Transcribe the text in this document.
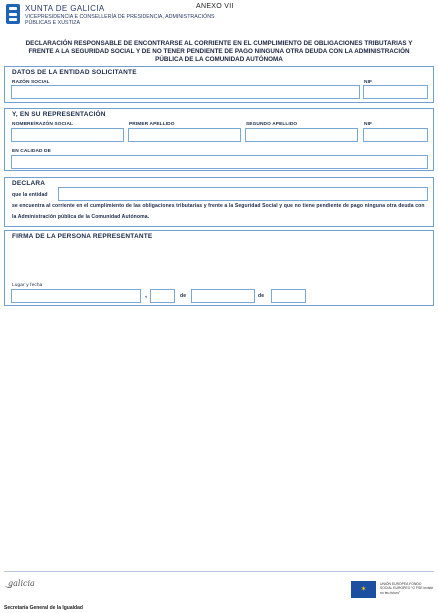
XUNTA DE GALICIA
VICEPRESIDENCIA E CONSELLERÍA DE PRESIDENCIA, ADMINISTRACIÓNS PÚBLICAS E XUSTIZA
ANEXO VII
DECLARACIÓN RESPONSABLE DE ENCONTRARSE AL CORRIENTE EN EL CUMPLIMIENTO DE OBLIGACIONES TRIBUTARIAS Y FRENTE A LA SEGURIDAD SOCIAL Y DE NO TENER PENDIENTE DE PAGO NINGUNA OTRA DEUDA CON LA ADMINISTRACIÓN PÚBLICA DE LA COMUNIDAD AUTÓNOMA
DATOS DE LA ENTIDAD SOLICITANTE
RAZÓN SOCIAL	NIF
Y, EN SU REPRESENTACIÓN
NOMBRE/RAZÓN SOCIAL	PRIMER APELLIDO	SEGUNDO APELLIDO	NIF
EN CALIDAD DE
DECLARA
que la entidad
se encuentra al corriente en el cumplimiento de las obligaciones tributarias y frente a la Seguridad Social y que no tiene pendiente de pago ninguna otra deuda con la Administración pública de la Comunidad Autónoma.
FIRMA DE LA PERSONA REPRESENTANTE
Lugar y fecha
,	de	de
galicia
✶
UNIÓN EUROPEA FONDO SOCIAL EUROPEO "O FSE inviste no teu futuro"
Secretaría General de la Igualdad
